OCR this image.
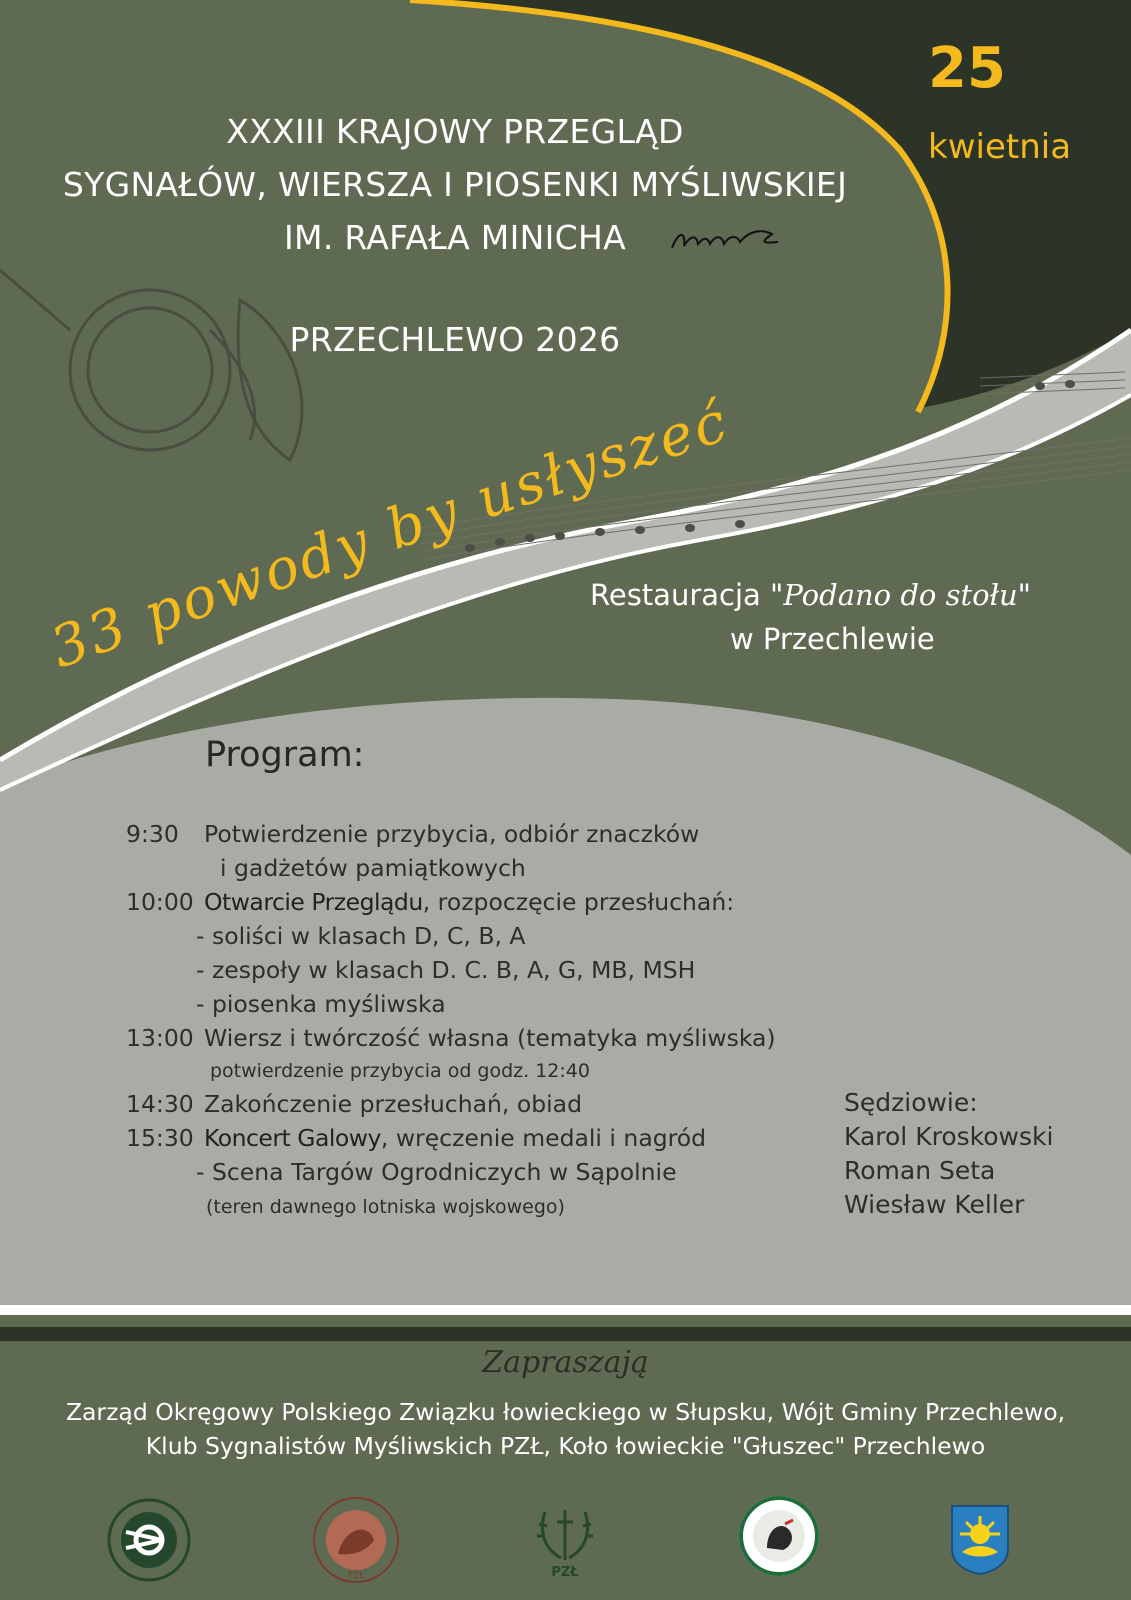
XXXIII KRAJOWY PRZEGLĄD

SYGNAŁÓW, WIERSZA I PIOSENKI MYŚLIWSKIEJ

IM. RAFAŁA MINICHA

PRZECHLEWO 2026

25

kwietnia

33 powody by usłyszeć

Restauracja "Podano do stołu"

w Przechlewie

Program:

9:30 Potwierdzenie przybycia, odbiór znaczków

i gadżetów pamiątkowych

10:00 Otwarcie Przeglądu, rozpoczęcie przesłuchań:

- soliści w klasach D, C, B, A

- zespoły w klasach D. C. B, A, G, MB, MSH

- piosenka myśliwska

13:00 Wiersz i twórczość własna (tematyka myśliwska)

potwierdzenie przybycia od godz. 12:40

14:30 Zakończenie przesłuchań, obiad

15:30 Koncert Galowy, wręczenie medali i nagród

- Scena Targów Ogrodniczych w Sąpolnie

(teren dawnego lotniska wojskowego)

Sędziowie:

Karol Kroskowski

Roman Seta

Wiesław Keller

Zapraszają

Zarząd Okręgowy Polskiego Związku łowieckiego w Słupsku, Wójt Gminy Przechlewo,

Klub Sygnalistów Myśliwskich PZŁ, Koło łowieckie "Głuszec" Przechlewo

PZŁ	PZŁ
